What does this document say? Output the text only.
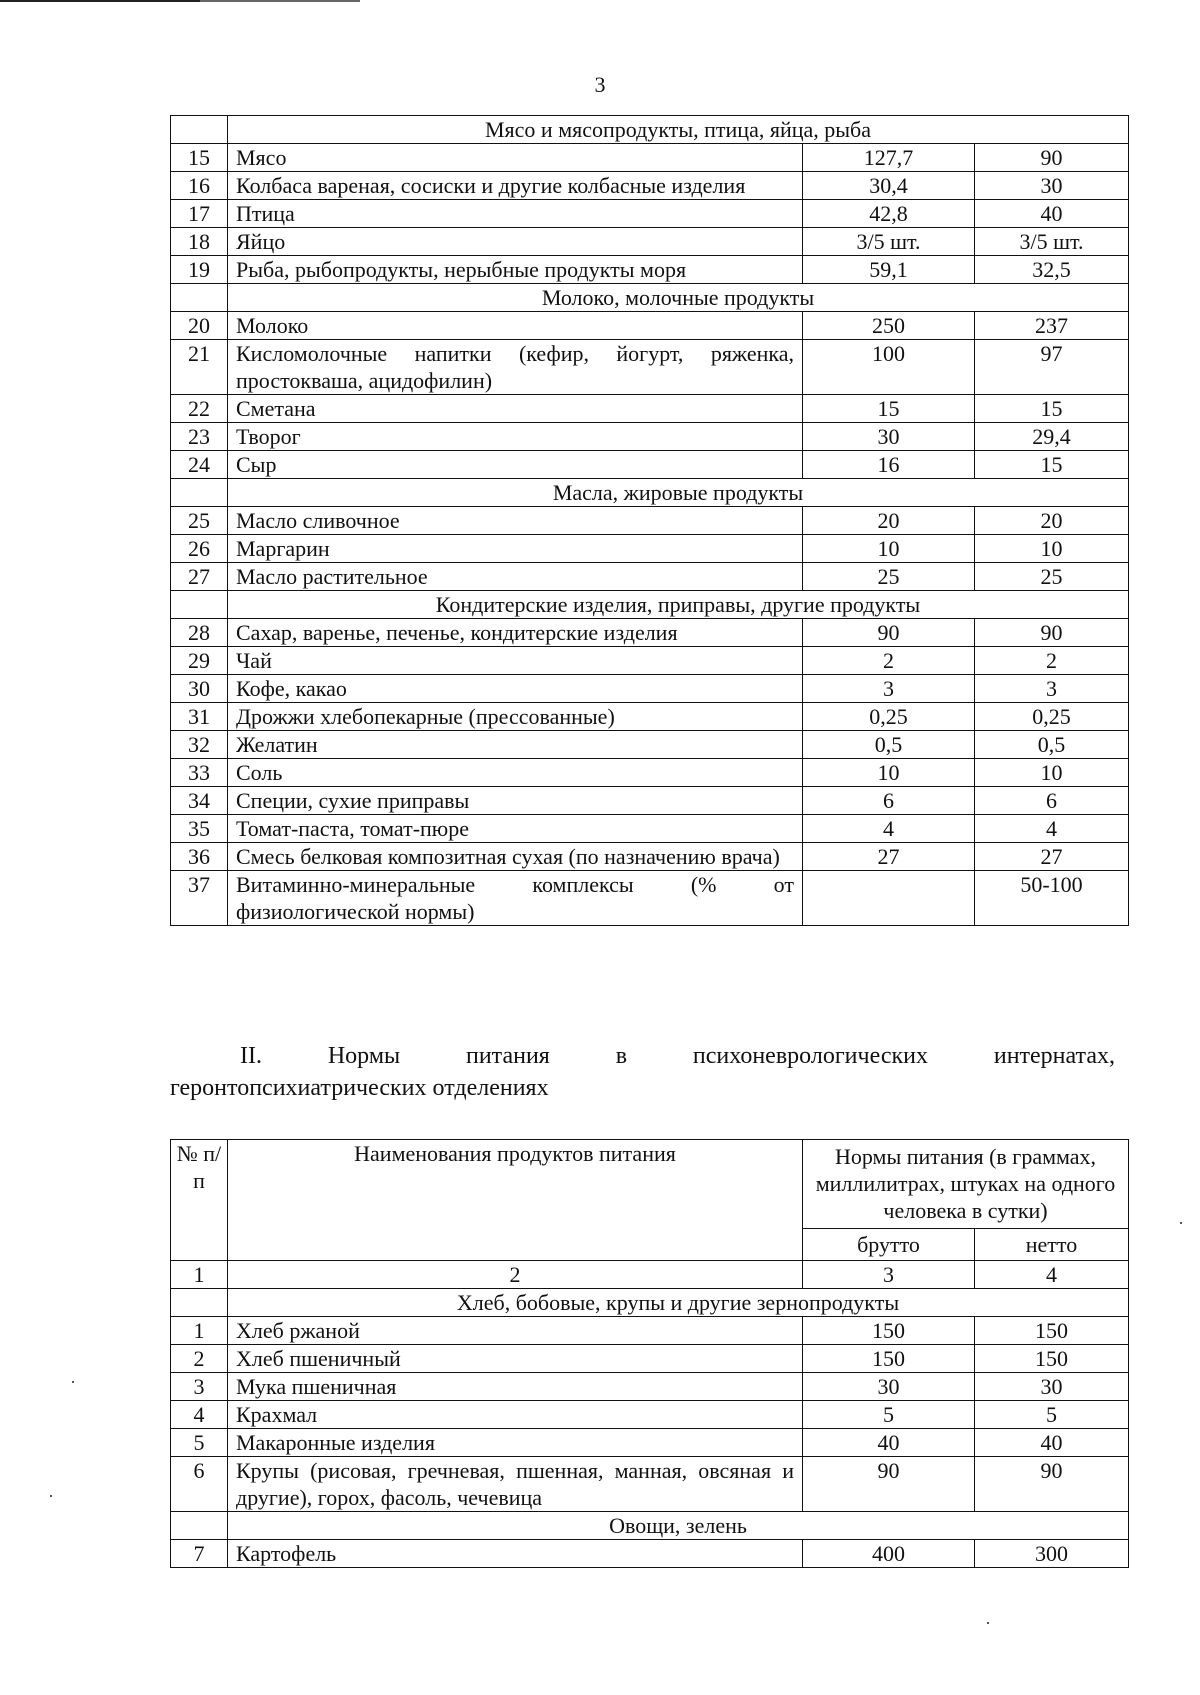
3
	Мясо и мясопродукты, птица, яйца, рыба		
15	Мясо	127,7	90
16	Колбаса вареная, сосиски и другие колбасные изделия	30,4	30
17	Птица	42,8	40
18	Яйцо	3/5 шт.	3/5 шт.
19	Рыба, рыбопродукты, нерыбные продукты моря	59,1	32,5
	Молоко, молочные продукты		
20	Молоко	250	237
21	Кисломолочные напитки (кефир, йогурт, ряженка, простокваша, ацидофилин)	100	97
22	Сметана	15	15
23	Творог	30	29,4
24	Сыр	16	15
	Масла, жировые продукты		
25	Масло сливочное	20	20
26	Маргарин	10	10
27	Масло растительное	25	25
	Кондитерские изделия, приправы, другие продукты		
28	Сахар, варенье, печенье, кондитерские изделия	90	90
29	Чай	2	2
30	Кофе, какао	3	3
31	Дрожжи хлебопекарные (прессованные)	0,25	0,25
32	Желатин	0,5	0,5
33	Соль	10	10
34	Специи, сухие приправы	6	6
35	Томат-паста, томат-пюре	4	4
36	Смесь белковая композитная сухая (по назначению врача)	27	27
37	Витаминно-минеральные комплексы (% от физиологической нормы)		50-100
II.	Нормы	питания	в	психоневрологических	интернатах,
геронтопсихиатрических отделениях
№ п/п	Наименования продуктов питания	Нормы питания (в граммах, миллилитрах, штуках на одного человека в сутки)	
		брутто	нетто
1	2	3	4
	Хлеб, бобовые, крупы и другие зернопродукты		
1	Хлеб ржаной	150	150
2	Хлеб пшеничный	150	150
3	Мука пшеничная	30	30
4	Крахмал	5	5
5	Макаронные изделия	40	40
6	Крупы (рисовая, гречневая, пшенная, манная, овсяная и другие), горох, фасоль, чечевица	90	90
	Овощи, зелень		
7	Картофель	400	300
